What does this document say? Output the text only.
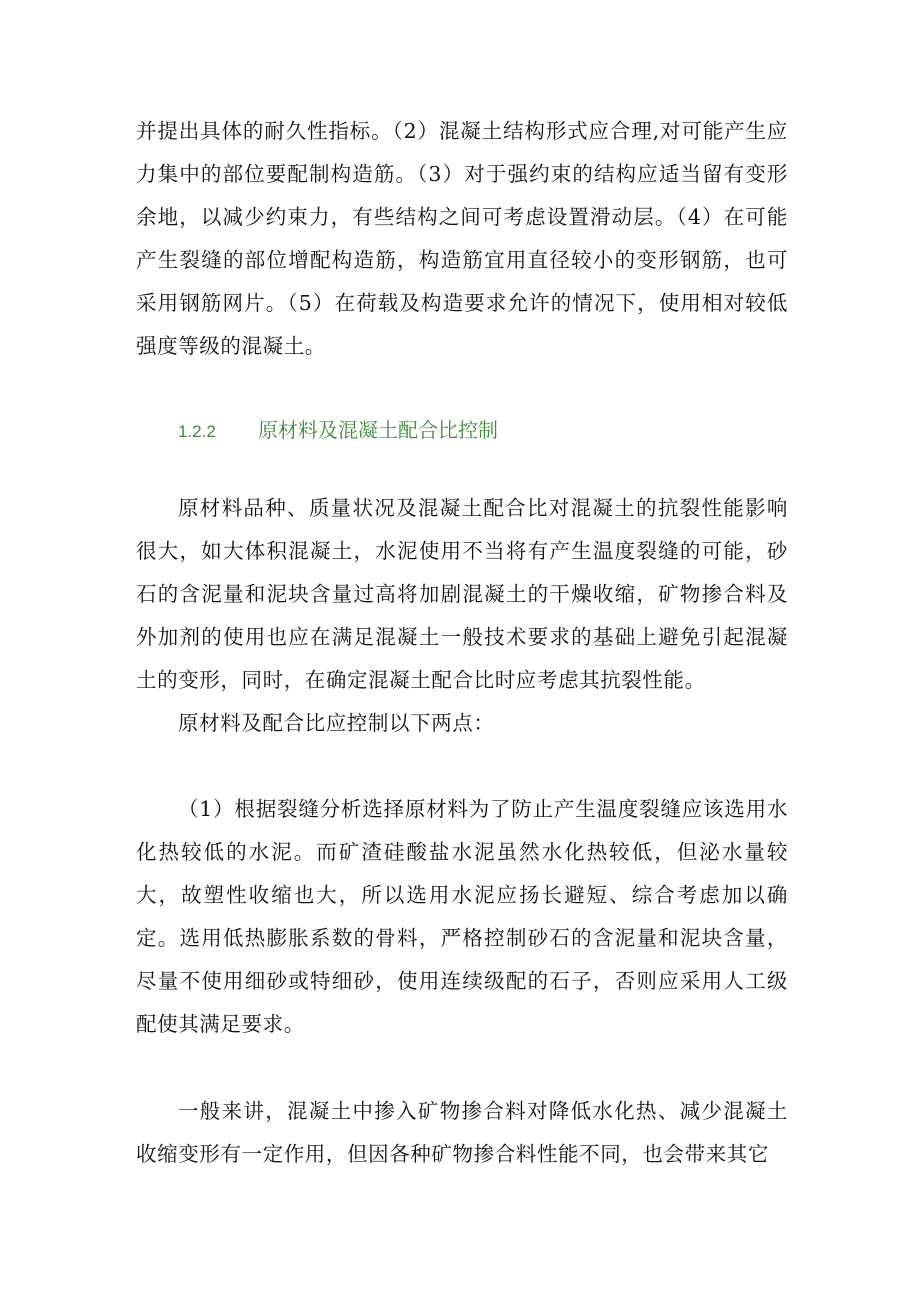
并提出具体的耐久性指标。（2）混凝土结构形式应合理,对可能产生应力集中的部位要配制构造筋。（3）对于强约束的结构应适当留有变形余地，以减少约束力，有些结构之间可考虑设置滑动层。（4）在可能产生裂缝的部位增配构造筋，构造筋宜用直径较小的变形钢筋，也可采用钢筋网片。（5）在荷载及构造要求允许的情况下，使用相对较低强度等级的混凝土。

1.2.2 原材料及混凝土配合比控制

原材料品种、质量状况及混凝土配合比对混凝土的抗裂性能影响很大，如大体积混凝土，水泥使用不当将有产生温度裂缝的可能，砂石的含泥量和泥块含量过高将加剧混凝土的干燥收缩，矿物掺合料及外加剂的使用也应在满足混凝土一般技术要求的基础上避免引起混凝土的变形，同时，在确定混凝土配合比时应考虑其抗裂性能。

原材料及配合比应控制以下两点：

（1）根据裂缝分析选择原材料为了防止产生温度裂缝应该选用水化热较低的水泥。而矿渣硅酸盐水泥虽然水化热较低，但泌水量较大，故塑性收缩也大，所以选用水泥应扬长避短、综合考虑加以确定。选用低热膨胀系数的骨料，严格控制砂石的含泥量和泥块含量，尽量不使用细砂或特细砂，使用连续级配的石子，否则应采用人工级配使其满足要求。

一般来讲，混凝土中掺入矿物掺合料对降低水化热、减少混凝土收缩变形有一定作用，但因各种矿物掺合料性能不同，也会带来其它
